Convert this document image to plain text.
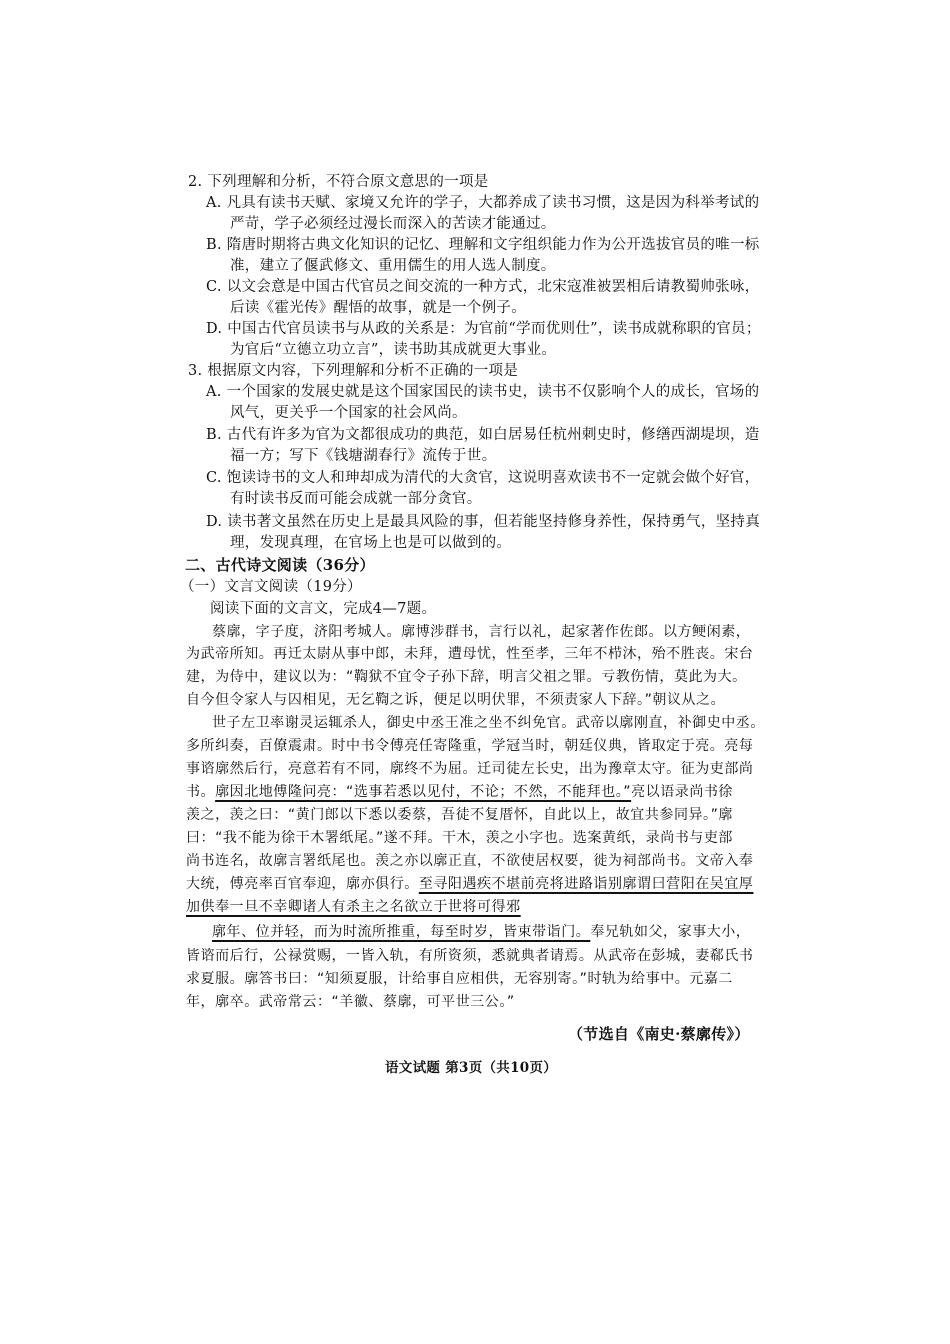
2. 下列理解和分析，不符合原文意思的一项是
A. 凡具有读书天赋、家境又允许的学子，大都养成了读书习惯，这是因为科举考试的
严苛，学子必须经过漫长而深入的苦读才能通过。
B. 隋唐时期将古典文化知识的记忆、理解和文字组织能力作为公开选拔官员的唯一标
准，建立了偃武修文、重用儒生的用人选人制度。
C. 以文会意是中国古代官员之间交流的一种方式，北宋寇准被罢相后请教蜀帅张咏，
后读《霍光传》醒悟的故事，就是一个例子。
D. 中国古代官员读书与从政的关系是：为官前“学而优则仕”，读书成就称职的官员；
为官后“立德立功立言”，读书助其成就更大事业。
3. 根据原文内容，下列理解和分析不正确的一项是
A. 一个国家的发展史就是这个国家国民的读书史，读书不仅影响个人的成长，官场的
风气，更关乎一个国家的社会风尚。
B. 古代有许多为官为文都很成功的典范，如白居易任杭州刺史时，修缮西湖堤坝，造
福一方；写下《钱塘湖春行》流传于世。
C. 饱读诗书的文人和珅却成为清代的大贪官，这说明喜欢读书不一定就会做个好官，
有时读书反而可能会成就一部分贪官。
D. 读书著文虽然在历史上是最具风险的事，但若能坚持修身养性，保持勇气，坚持真
理，发现真理，在官场上也是可以做到的。
二、古代诗文阅读（36分）
（一）文言文阅读（19分）
阅读下面的文言文，完成4—7题。
蔡廓，字子度，济阳考城人。廓博涉群书，言行以礼，起家著作佐郎。以方鲠闲素，
为武帝所知。再迁太尉从事中郎，未拜，遭母忧，性至孝，三年不栉沐，殆不胜丧。宋台
建，为侍中，建议以为：“鞫狱不宜令子孙下辞，明言父祖之罪。亏教伤情，莫此为大。
自今但令家人与囚相见，无乞鞫之诉，便足以明伏罪，不须责家人下辞。”朝议从之。
世子左卫率谢灵运辄杀人，御史中丞王准之坐不纠免官。武帝以廓刚直，补御史中丞。
多所纠奏，百僚震肃。时中书令傅亮任寄隆重，学冠当时，朝廷仪典，皆取定于亮。亮每
事谘廓然后行，亮意若有不同，廓终不为屈。迁司徒左长史，出为豫章太守。征为吏部尚
书。廓因北地傅隆问亮：“选事若悉以见付，不论；不然，不能拜也。”亮以语录尚书徐
羡之，羡之曰：“黄门郎以下悉以委蔡，吾徒不复厝怀，自此以上，故宜共参同异。”廓
曰：“我不能为徐干木署纸尾。”遂不拜。干木，羡之小字也。选案黄纸，录尚书与吏部
尚书连名，故廓言署纸尾也。羡之亦以廓正直，不欲使居权要，徙为祠部尚书。文帝入奉
大统，傅亮率百官奉迎，廓亦俱行。至寻阳遇疾不堪前亮将进路诣别廓谓曰营阳在吴宜厚
加供奉一旦不幸卿诸人有杀主之名欲立于世将可得邪
廓年、位并轻，而为时流所推重，每至时岁，皆束带诣门。奉兄轨如父，家事大小，
皆谘而后行，公禄赏赐，一皆入轨，有所资须，悉就典者请焉。从武帝在彭城，妻郗氏书
求夏服。廓答书曰：“知须夏服，计给事自应相供，无容别寄。”时轨为给事中。元嘉二
年，廓卒。武帝常云：“羊徽、蔡廓，可平世三公。”
（节选自《南史·蔡廓传》）
语文试题 第3页（共10页）
